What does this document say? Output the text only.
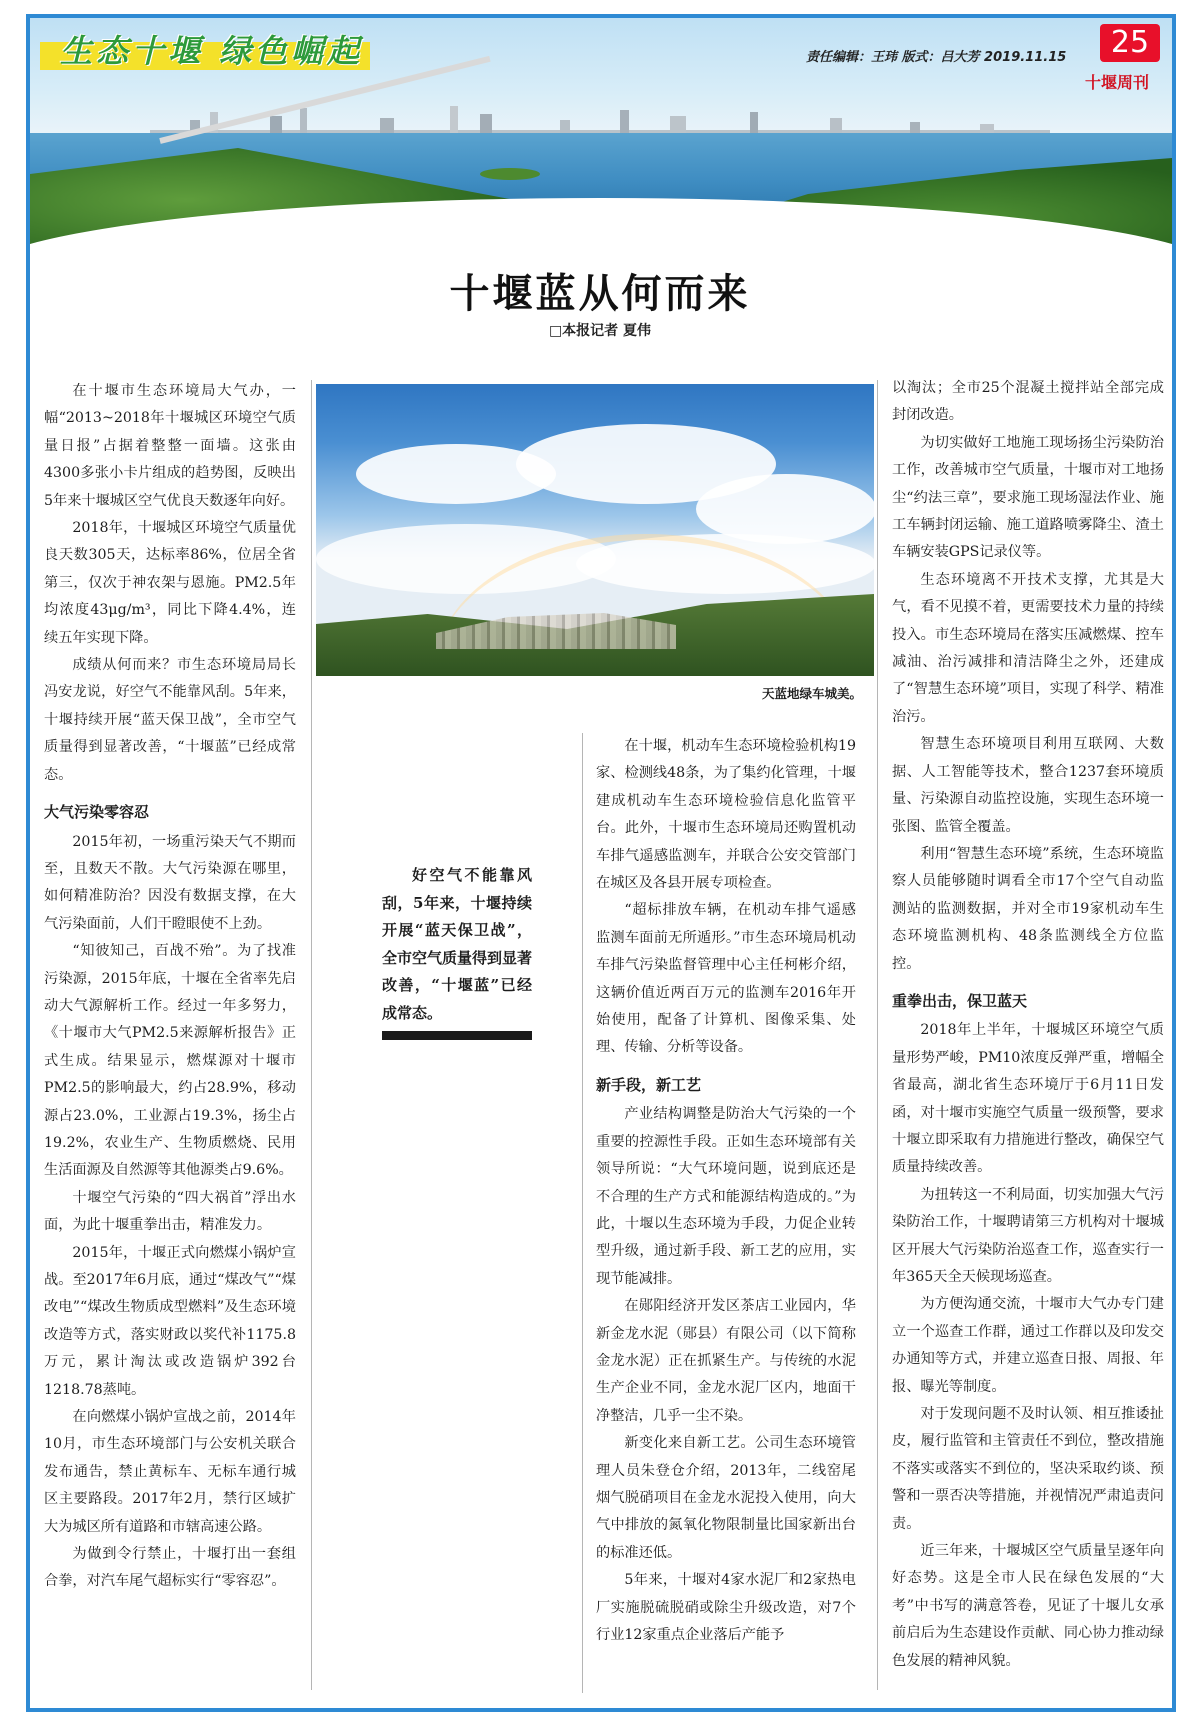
生态十堰 绿色崛起	责任编辑：王玮 版式：吕大芳 2019.11.15	25
十堰周刊
十堰蓝从何而来
□本报记者 夏伟

在十堰市生态环境局大气办，一幅“2013~2018年十堰城区环境空气质量日报”占据着整整一面墙。这张由4300多张小卡片组成的趋势图，反映出5年来十堰城区空气优良天数逐年向好。

2018年，十堰城区环境空气质量优良天数305天，达标率86%，位居全省第三，仅次于神农架与恩施。PM2.5年均浓度43μg/m³，同比下降4.4%，连续五年实现下降。

成绩从何而来？市生态环境局局长冯安龙说，好空气不能靠风刮。5年来，十堰持续开展“蓝天保卫战”，全市空气质量得到显著改善，“十堰蓝”已经成常态。

大气污染零容忍

2015年初，一场重污染天气不期而至，且数天不散。大气污染源在哪里，如何精准防治？因没有数据支撑，在大气污染面前，人们干瞪眼使不上劲。

“知彼知己，百战不殆”。为了找准污染源，2015年底，十堰在全省率先启动大气源解析工作。经过一年多努力，《十堰市大气PM2.5来源解析报告》正式生成。结果显示，燃煤源对十堰市PM2.5的影响最大，约占28.9%，移动源占23.0%，工业源占19.3%，扬尘占19.2%，农业生产、生物质燃烧、民用生活面源及自然源等其他源类占9.6%。

十堰空气污染的“四大祸首”浮出水面，为此十堰重拳出击，精准发力。

2015年，十堰正式向燃煤小锅炉宣战。至2017年6月底，通过“煤改气”“煤改电”“煤改生物质成型燃料”及生态环境改造等方式，落实财政以奖代补1175.8万元，累计淘汰或改造锅炉392台1218.78蒸吨。

在向燃煤小锅炉宣战之前，2014年10月，市生态环境部门与公安机关联合发布通告，禁止黄标车、无标车通行城区主要路段。2017年2月，禁行区域扩大为城区所有道路和市辖高速公路。

为做到令行禁止，十堰打出一套组合拳，对汽车尾气超标实行“零容忍”。

天蓝地绿车城美。
好空气不能靠风刮，5年来，十堰持续开展“蓝天保卫战”，全市空气质量得到显著改善，“十堰蓝”已经成常态。

在十堰，机动车生态环境检验机构19家、检测线48条，为了集约化管理，十堰建成机动车生态环境检验信息化监管平台。此外，十堰市生态环境局还购置机动车排气遥感监测车，并联合公安交管部门在城区及各县开展专项检查。

“超标排放车辆，在机动车排气遥感监测车面前无所遁形。”市生态环境局机动车排气污染监督管理中心主任柯彬介绍，这辆价值近两百万元的监测车2016年开始使用，配备了计算机、图像采集、处理、传输、分析等设备。

新手段，新工艺

产业结构调整是防治大气污染的一个重要的控源性手段。正如生态环境部有关领导所说：“大气环境问题，说到底还是不合理的生产方式和能源结构造成的。”为此，十堰以生态环境为手段，力促企业转型升级，通过新手段、新工艺的应用，实现节能减排。

在郧阳经济开发区茶店工业园内，华新金龙水泥（郧县）有限公司（以下简称金龙水泥）正在抓紧生产。与传统的水泥生产企业不同，金龙水泥厂区内，地面干净整洁，几乎一尘不染。

新变化来自新工艺。公司生态环境管理人员朱登仓介绍，2013年，二线窑尾烟气脱硝项目在金龙水泥投入使用，向大气中排放的氮氧化物限制量比国家新出台的标准还低。

5年来，十堰对4家水泥厂和2家热电厂实施脱硫脱硝或除尘升级改造，对7个行业12家重点企业落后产能予

以淘汰；全市25个混凝土搅拌站全部完成封闭改造。

为切实做好工地施工现场扬尘污染防治工作，改善城市空气质量，十堰市对工地扬尘“约法三章”，要求施工现场湿法作业、施工车辆封闭运输、施工道路喷雾降尘、渣土车辆安装GPS记录仪等。

生态环境离不开技术支撑，尤其是大气，看不见摸不着，更需要技术力量的持续投入。市生态环境局在落实压减燃煤、控车减油、治污减排和清洁降尘之外，还建成了“智慧生态环境”项目，实现了科学、精准治污。

智慧生态环境项目利用互联网、大数据、人工智能等技术，整合1237套环境质量、污染源自动监控设施，实现生态环境一张图、监管全覆盖。

利用“智慧生态环境”系统，生态环境监察人员能够随时调看全市17个空气自动监测站的监测数据，并对全市19家机动车生态环境监测机构、48条监测线全方位监控。

重拳出击，保卫蓝天

2018年上半年，十堰城区环境空气质量形势严峻，PM10浓度反弹严重，增幅全省最高，湖北省生态环境厅于6月11日发函，对十堰市实施空气质量一级预警，要求十堰立即采取有力措施进行整改，确保空气质量持续改善。

为扭转这一不利局面，切实加强大气污染防治工作，十堰聘请第三方机构对十堰城区开展大气污染防治巡查工作，巡查实行一年365天全天候现场巡查。

为方便沟通交流，十堰市大气办专门建立一个巡查工作群，通过工作群以及印发交办通知等方式，并建立巡查日报、周报、年报、曝光等制度。

对于发现问题不及时认领、相互推诿扯皮，履行监管和主管责任不到位，整改措施不落实或落实不到位的，坚决采取约谈、预警和一票否决等措施，并视情况严肃追责问责。

近三年来，十堰城区空气质量呈逐年向好态势。这是全市人民在绿色发展的“大考”中书写的满意答卷，见证了十堰儿女承前启后为生态建设作贡献、同心协力推动绿色发展的精神风貌。
